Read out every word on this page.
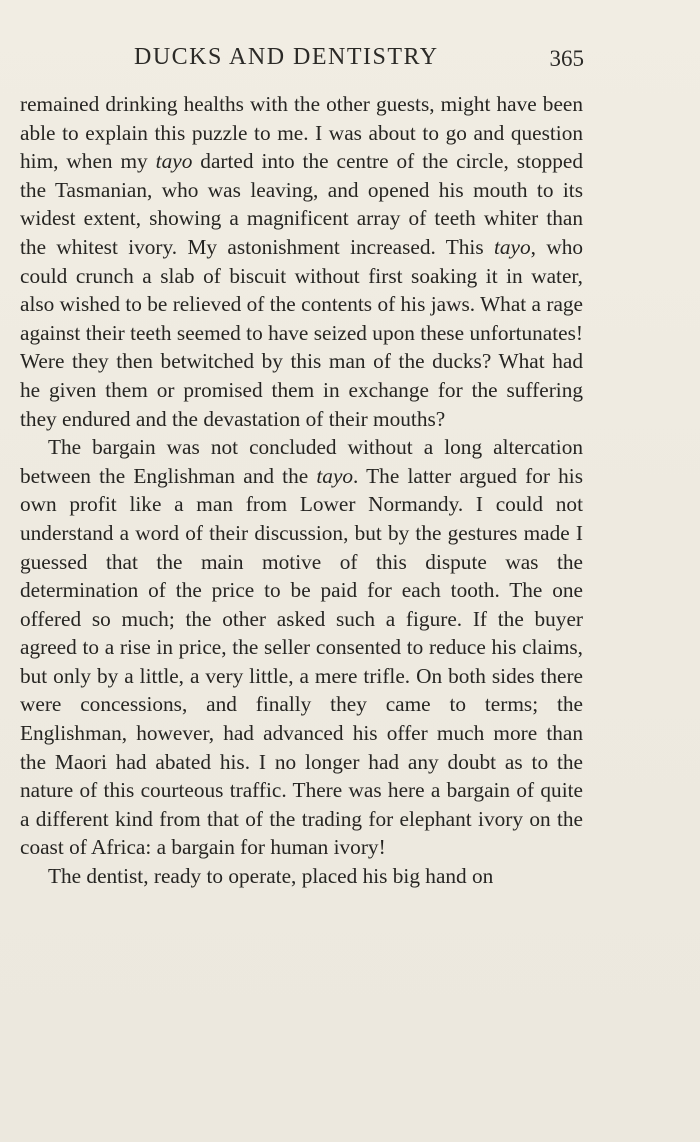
DUCKS AND DENTISTRY	365

remained drinking healths with the other guests, might have been able to explain this puzzle to me. I was about to go and question him, when my tayo darted into the centre of the circle, stopped the Tasmanian, who was leaving, and opened his mouth to its widest extent, showing a magnificent array of teeth whiter than the whitest ivory. My astonishment increased. This tayo, who could crunch a slab of biscuit without first soaking it in water, also wished to be relieved of the contents of his jaws. What a rage against their teeth seemed to have seized upon these unfortunates! Were they then betwitched by this man of the ducks? What had he given them or promised them in exchange for the suffering they endured and the devastation of their mouths?

The bargain was not concluded without a long altercation between the Englishman and the tayo. The latter argued for his own profit like a man from Lower Normandy. I could not understand a word of their discussion, but by the gestures made I guessed that the main motive of this dispute was the determination of the price to be paid for each tooth. The one offered so much; the other asked such a figure. If the buyer agreed to a rise in price, the seller consented to reduce his claims, but only by a little, a very little, a mere trifle. On both sides there were concessions, and finally they came to terms; the Englishman, however, had advanced his offer much more than the Maori had abated his. I no longer had any doubt as to the nature of this courteous traffic. There was here a bargain of quite a different kind from that of the trading for elephant ivory on the coast of Africa: a bargain for human ivory!

The dentist, ready to operate, placed his big hand on
